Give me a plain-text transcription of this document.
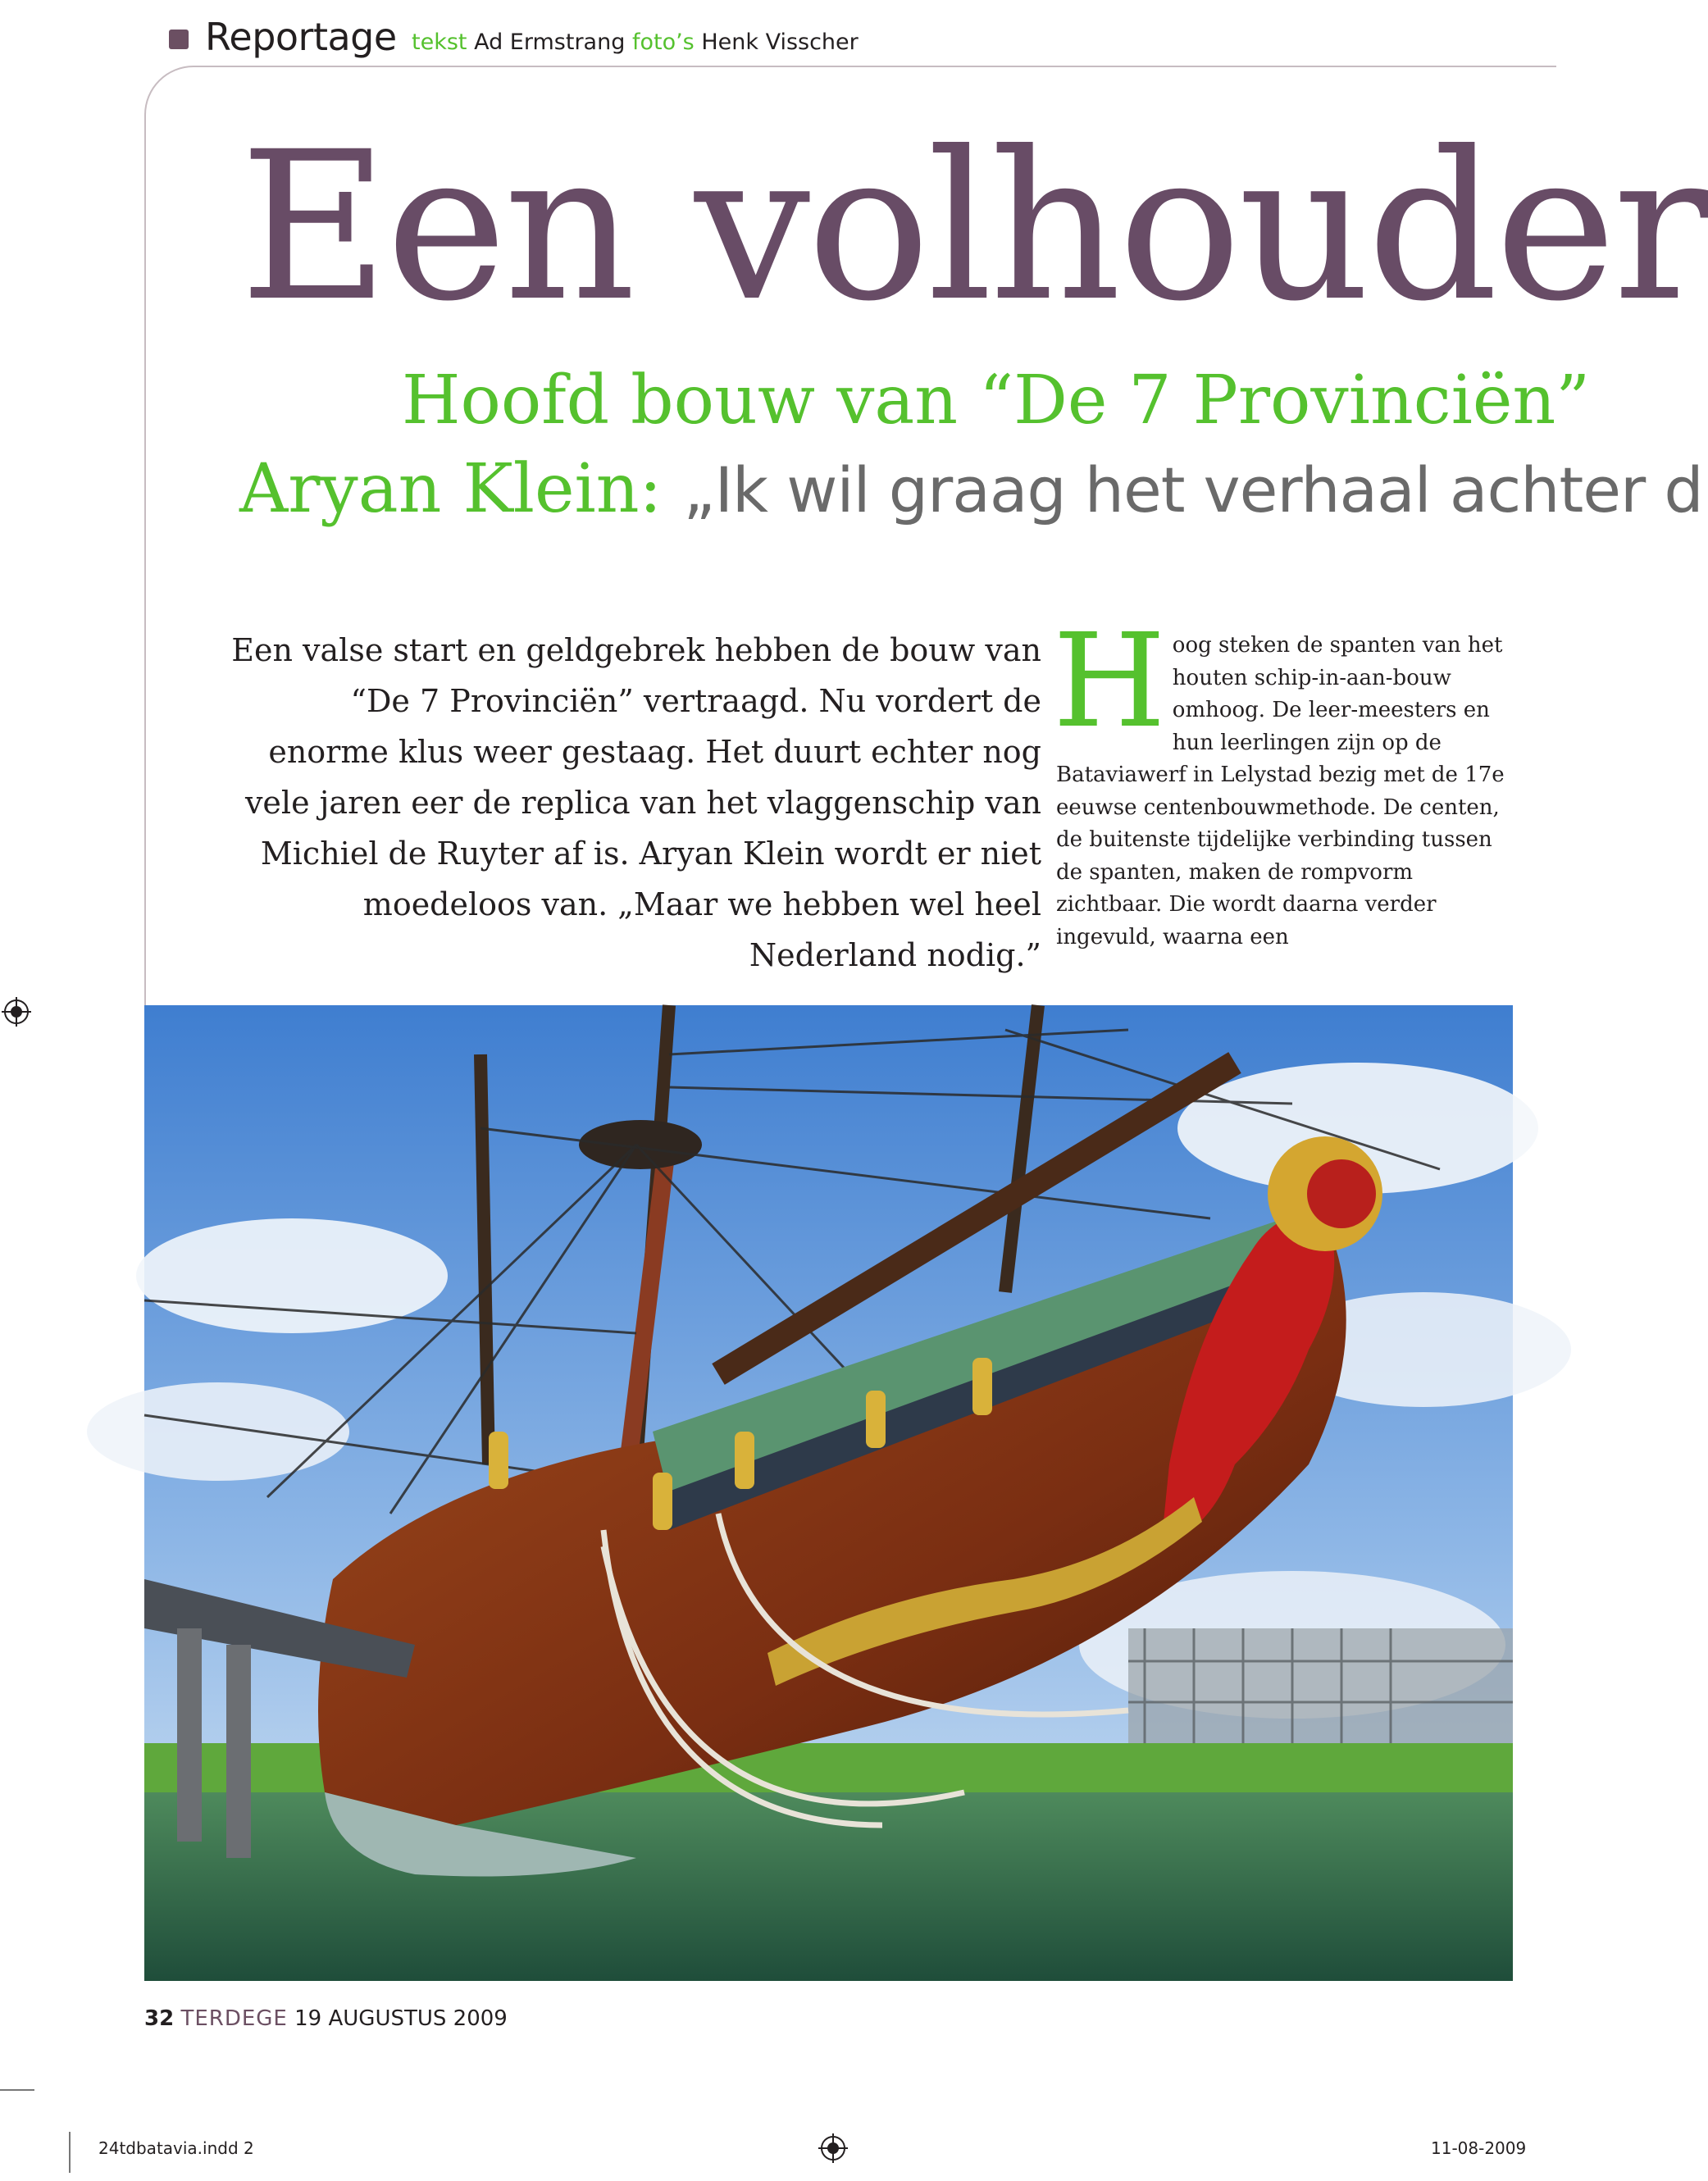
Reportage tekst Ad Ermstrang foto’s Henk Visscher
Een volhouder
Hoofd bouw van “De 7 Provinciën”
Aryan Klein: „Ik wil graag het verhaal achter d

Een valse start en geldgebrek hebben de bouw van “De 7 Provinciën” vertraagd. Nu vordert de enorme klus weer gestaag. Het duurt echter nog vele jaren eer de replica van het vlaggenschip van Michiel de Ruyter af is. Aryan Klein wordt er niet moedeloos van. „Maar we hebben wel heel Nederland nodig.”

H oog steken de spanten van het houten schip-in-aan-bouw omhoog. De leer-meesters en hun leerlingen zijn op de Bataviawerf in Lelystad bezig met de 17e eeuwse centenbouwmethode. De centen, de buitenste tijdelijke verbinding tussen de spanten, maken de rompvorm zichtbaar. Die wordt daarna verder ingevuld, waarna een

32 TERDEGE 19 AUGUSTUS 2009
24tdbatavia.indd 2	11-08-2009
